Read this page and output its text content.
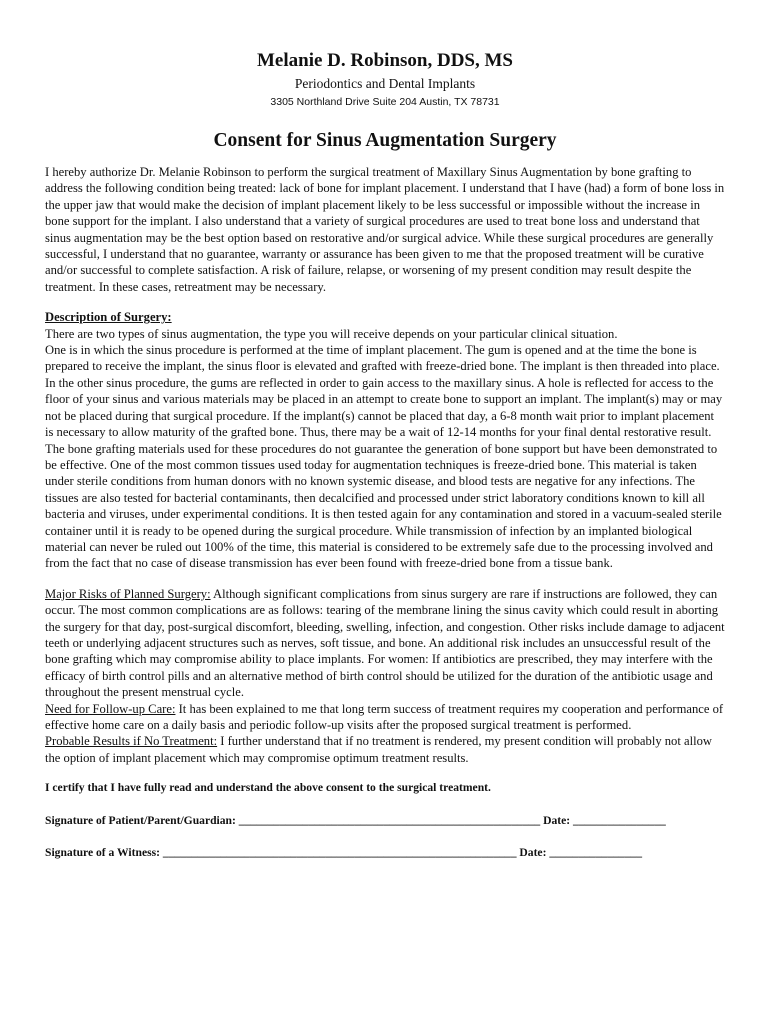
Melanie D. Robinson, DDS, MS

Periodontics and Dental Implants

3305 Northland Drive Suite 204 Austin, TX 78731

Consent for Sinus Augmentation Surgery

I hereby authorize Dr. Melanie Robinson to perform the surgical treatment of Maxillary Sinus Augmentation by bone grafting to address the following condition being treated: lack of bone for implant placement. I understand that I have (had) a form of bone loss in the upper jaw that would make the decision of implant placement likely to be less successful or impossible without the increase in bone support for the implant. I also understand that a variety of surgical procedures are used to treat bone loss and understand that sinus augmentation may be the best option based on restorative and/or surgical advice. While these surgical procedures are generally successful, I understand that no guarantee, warranty or assurance has been given to me that the proposed treatment will be curative and/or successful to complete satisfaction. A risk of failure, relapse, or worsening of my present condition may result despite the treatment. In these cases, retreatment may be necessary.

Description of Surgery:

There are two types of sinus augmentation, the type you will receive depends on your particular clinical situation.

One is in which the sinus procedure is performed at the time of implant placement. The gum is opened and at the time the bone is prepared to receive the implant, the sinus floor is elevated and grafted with freeze-dried bone. The implant is then threaded into place.

In the other sinus procedure, the gums are reflected in order to gain access to the maxillary sinus. A hole is reflected for access to the floor of your sinus and various materials may be placed in an attempt to create bone to support an implant. The implant(s) may or may not be placed during that surgical procedure. If the implant(s) cannot be placed that day, a 6-8 month wait prior to implant placement is necessary to allow maturity of the grafted bone. Thus, there may be a wait of 12-14 months for your final dental restorative result.

The bone grafting materials used for these procedures do not guarantee the generation of bone support but have been demonstrated to be effective. One of the most common tissues used today for augmentation techniques is freeze-dried bone. This material is taken under sterile conditions from human donors with no known systemic disease, and blood tests are negative for any infections. The tissues are also tested for bacterial contaminants, then decalcified and processed under strict laboratory conditions known to kill all bacteria and viruses, under experimental conditions. It is then tested again for any contamination and stored in a vacuum-sealed sterile container until it is ready to be opened during the surgical procedure. While transmission of infection by an implanted biological material can never be ruled out 100% of the time, this material is considered to be extremely safe due to the processing involved and from the fact that no case of disease transmission has ever been found with freeze-dried bone from a tissue bank.

Major Risks of Planned Surgery: Although significant complications from sinus surgery are rare if instructions are followed, they can occur. The most common complications are as follows: tearing of the membrane lining the sinus cavity which could result in aborting the surgery for that day, post-surgical discomfort, bleeding, swelling, infection, and congestion. Other risks include damage to adjacent teeth or underlying adjacent structures such as nerves, soft tissue, and bone. An additional risk includes an unsuccessful result of the bone grafting which may compromise ability to place implants. For women: If antibiotics are prescribed, they may interfere with the efficacy of birth control pills and an alternative method of birth control should be utilized for the duration of the antibiotic usage and throughout the present menstrual cycle.

Need for Follow-up Care: It has been explained to me that long term success of treatment requires my cooperation and performance of effective home care on a daily basis and periodic follow-up visits after the proposed surgical treatment is performed.

Probable Results if No Treatment: I further understand that if no treatment is rendered, my present condition will probably not allow the option of implant placement which may compromise optimum treatment results.

I certify that I have fully read and understand the above consent to the surgical treatment.

Signature of Patient/Parent/Guardian: ____________________________________________________ Date: ________________

Signature of a Witness: _____________________________________________________________ Date: ________________
